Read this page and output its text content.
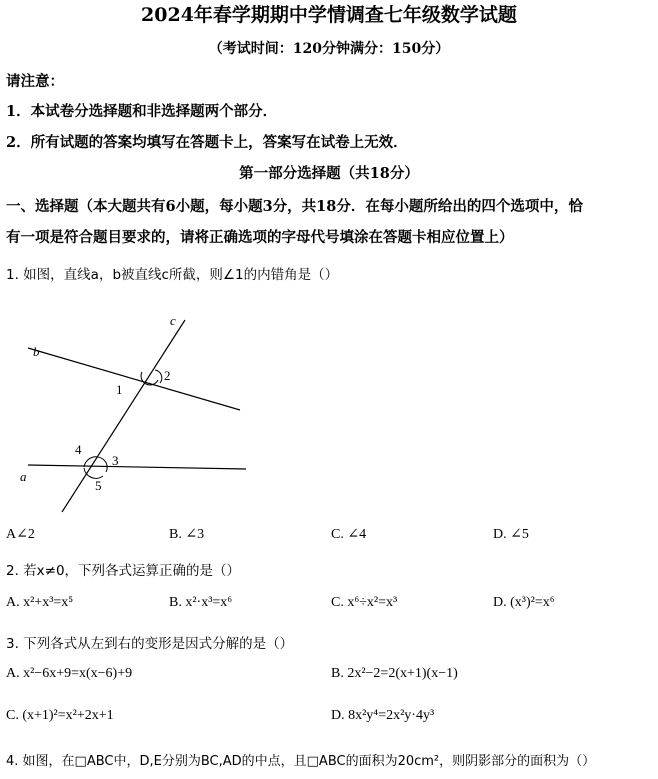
2024年春学期期中学情调查七年级数学试题
（考试时间：120分钟满分：150分）
请注意：
1．本试卷分选择题和非选择题两个部分．
2．所有试题的答案均填写在答题卡上，答案写在试卷上无效．
第一部分选择题（共18分）
一、选择题（本大题共有6小题，每小题3分，共18分．在每小题所给出的四个选项中，恰
有一项是符合题目要求的，请将正确选项的字母代号填涂在答题卡相应位置上）
1. 如图，直线a，b被直线c所截，则∠1的内错角是（）
c
b
1
2
4
3
5
a
A∠2	B. ∠3	C. ∠4	D. ∠5
2. 若x≠0，下列各式运算正确的是（）
A. x²+x³=x⁵	B. x²·x³=x⁶	C. x⁶÷x²=x³	D. (x³)²=x⁶
3. 下列各式从左到右的变形是因式分解的是（）
A. x²−6x+9=x(x−6)+9	B. 2x²−2=2(x+1)(x−1)
C. (x+1)²=x²+2x+1	D. 8x²y⁴=2x²y·4y³
4. 如图，在□ABC中，D,E分别为BC,AD的中点，且□ABC的面积为20cm²，则阴影部分的面积为（）
